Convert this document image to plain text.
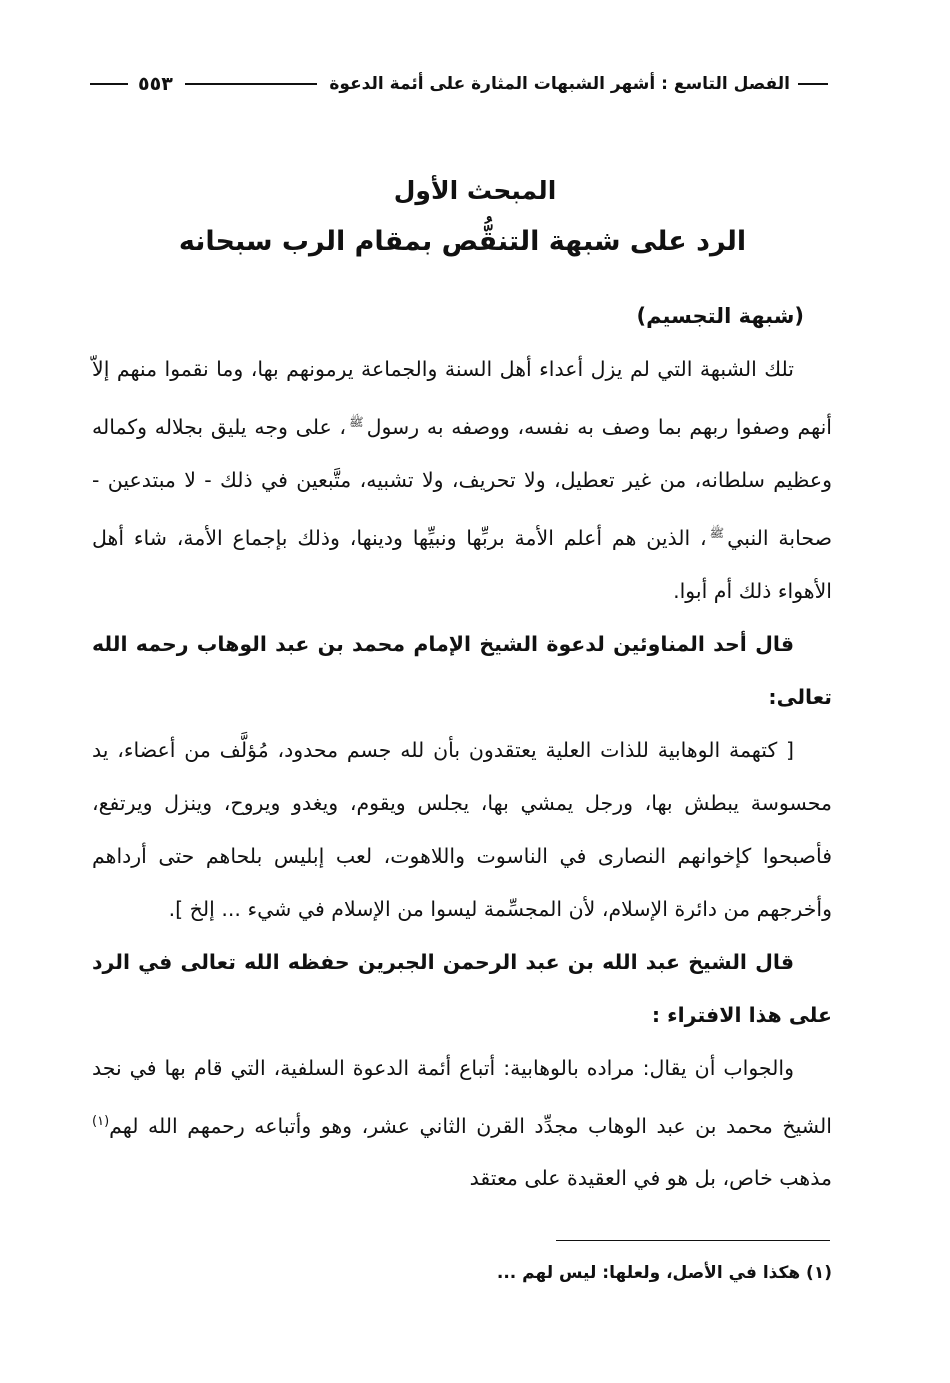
الفصل التاسع : أشهر الشبهات المثارة على أئمة الدعوة
٥٥٣
المبحث الأول
الرد على شبهة التنقُّص بمقام الرب سبحانه

(شبهة التجسيم)

تلك الشبهة التي لم يزل أعداء أهل السنة والجماعة يرمونهم بها، وما نقموا منهم إلاّ أنهم وصفوا ربهم بما وصف به نفسه، ووصفه به رسول$^ﷺ$، على وجه يليق بجلاله وكماله وعظيم سلطانه، من غير تعطيل، ولا تحريف، ولا تشبيه، متَّبعين في ذلك - لا مبتدعين - صحابة النبي$^ﷺ$، الذين هم أعلم الأمة بربِّها ونبيِّها ودينها، وذلك بإجماع الأمة، شاء أهل الأهواء ذلك أم أبوا.

قال أحد المناوئين لدعوة الشيخ الإمام محمد بن عبد الوهاب رحمه الله تعالى:

[ كتهمة الوهابية للذات العلية يعتقدون بأن لله جسم محدود، مُؤلَّف من أعضاء، يد محسوسة يبطش بها، ورجل يمشي بها، يجلس ويقوم، ويغدو ويروح، وينزل ويرتفع، فأصبحوا كإخوانهم النصارى في الناسوت واللاهوت، لعب إبليس بلحاهم حتى أرداهم وأخرجهم من دائرة الإسلام، لأن المجسِّمة ليسوا من الإسلام في شيء ... إلخ ].

قال الشيخ عبد الله بن عبد الرحمن الجبرين حفظه الله تعالى في الرد على هذا الافتراء :

والجواب أن يقال: مراده بالوهابية: أتباع أئمة الدعوة السلفية، التي قام بها في نجد الشيخ محمد بن عبد الوهاب مجدِّد القرن الثاني عشر، وهو وأتباعه رحمهم الله لهم$^{(١)}$ مذهب خاص، بل هو في العقيدة على معتقد

(١) هكذا في الأصل، ولعلها: ليس لهم ...
